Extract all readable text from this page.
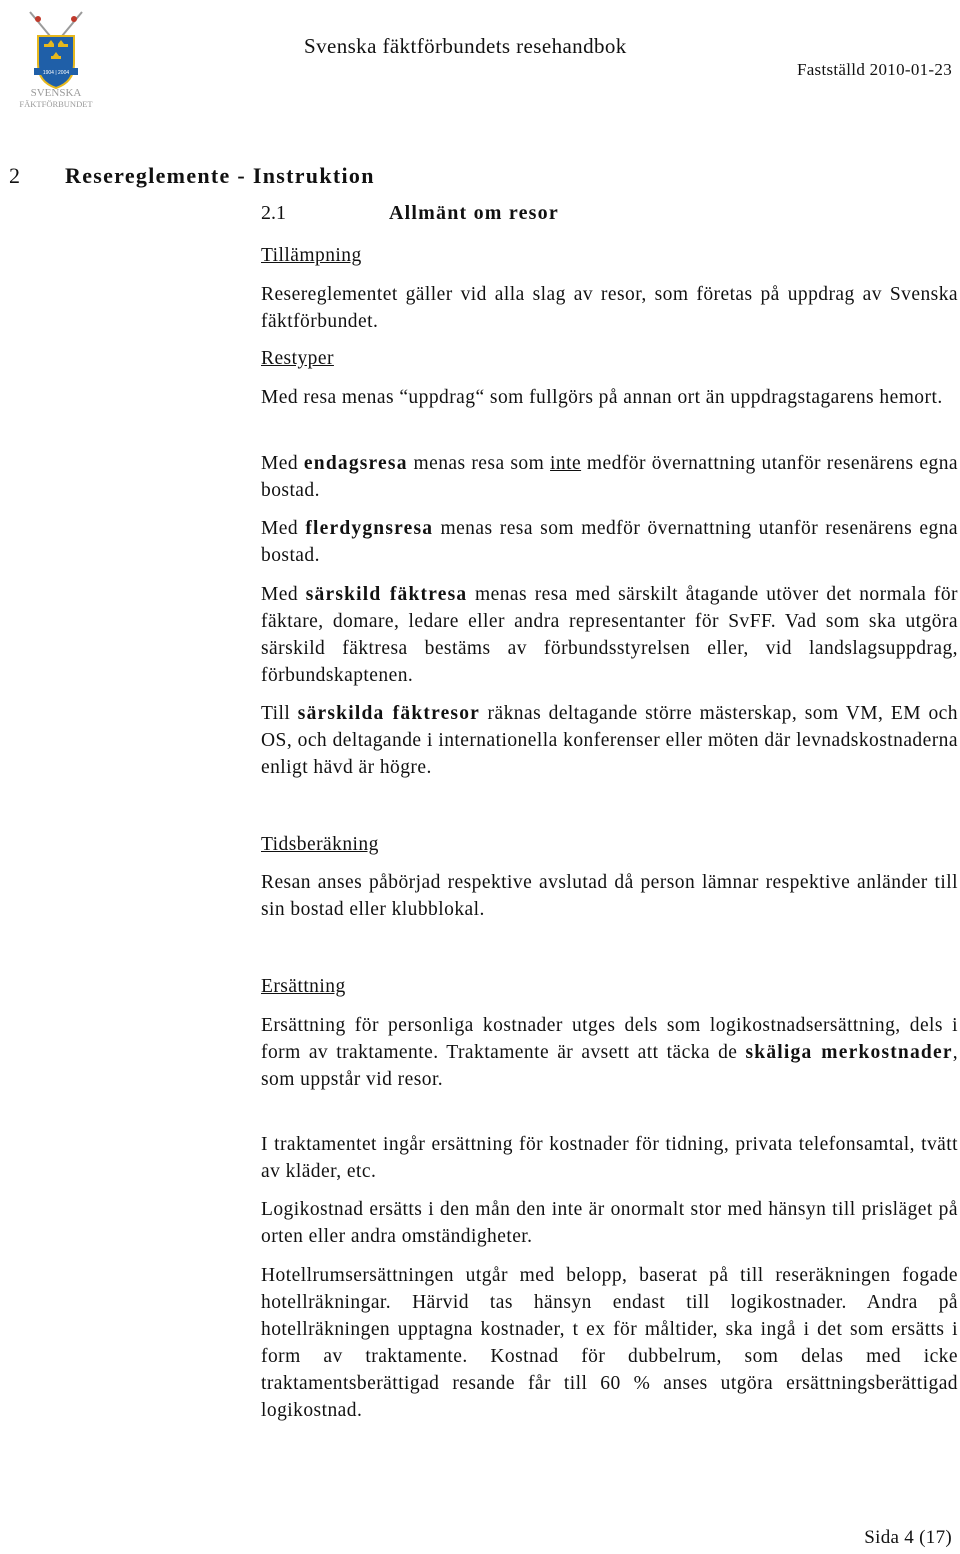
1904 | 2004
SVENSKA
FÄKTFÖRBUNDET
Svenska fäktförbundets resehandbok
Fastställd 2010-01-23
2 Resereglemente - Instruktion
2.1	Allmänt om resor
Tillämpning

Resereglementet gäller vid alla slag av resor, som företas på uppdrag av Svenska fäktförbundet.

Restyper

Med resa menas “uppdrag“ som fullgörs på annan ort än uppdragstagarens hemort.

Med endagsresa menas resa som inte medför övernattning utanför resenärens egna bostad.

Med flerdygnsresa menas resa som medför övernattning utanför resenärens egna bostad.

Med särskild fäktresa menas resa med särskilt åtagande utöver det normala för fäktare, domare, ledare eller andra representanter för SvFF. Vad som ska utgöra särskild fäktresa bestäms av förbundsstyrelsen eller, vid landslagsuppdrag, förbundskaptenen.

Till särskilda fäktresor räknas deltagande större mästerskap, som VM, EM och OS, och deltagande i internationella konferenser eller möten där levnadskostnaderna enligt hävd är högre.

Tidsberäkning

Resan anses påbörjad respektive avslutad då person lämnar respektive anländer till sin bostad eller klubblokal.

Ersättning

Ersättning för personliga kostnader utges dels som logikostnadsersättning, dels i form av traktamente. Traktamente är avsett att täcka de skäliga merkostnader, som uppstår vid resor.

I traktamentet ingår ersättning för kostnader för tidning, privata telefonsamtal, tvätt av kläder, etc.

Logikostnad ersätts i den mån den inte är onormalt stor med hänsyn till prisläget på orten eller andra omständigheter.

Hotellrumsersättningen utgår med belopp, baserat på till reseräkningen fogade hotellräkningar. Härvid tas hänsyn endast till logikostnader. Andra på hotellräkningen upptagna kostnader, t ex för måltider, ska ingå i det som ersätts i form av traktamente. Kostnad för dubbelrum, som delas med icke traktamentsberättigad resande får till 60 % anses utgöra ersättningsberättigad logikostnad.

Sida 4 (17)
